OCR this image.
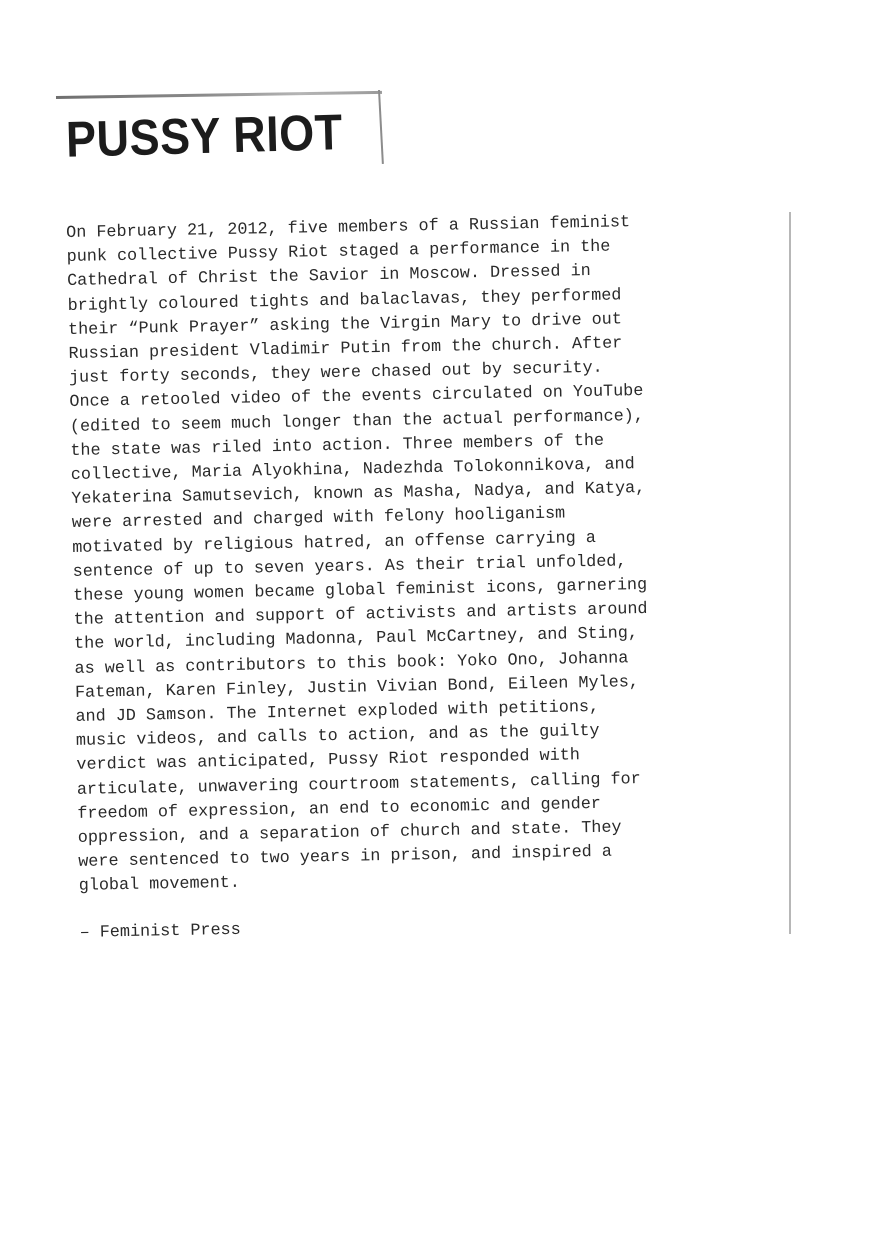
PUSSY RIOT
On February 21, 2012, five members of a Russian feminist
punk collective Pussy Riot staged a performance in the
Cathedral of Christ the Savior in Moscow. Dressed in
brightly coloured tights and balaclavas, they performed
their “Punk Prayer” asking the Virgin Mary to drive out
Russian president Vladimir Putin from the church. After
just forty seconds, they were chased out by security.
Once a retooled video of the events circulated on YouTube
(edited to seem much longer than the actual performance),
the state was riled into action. Three members of the
collective, Maria Alyokhina, Nadezhda Tolokonnikova, and
Yekaterina Samutsevich, known as Masha, Nadya, and Katya,
were arrested and charged with felony hooliganism
motivated by religious hatred, an offense carrying a
sentence of up to seven years. As their trial unfolded,
these young women became global feminist icons, garnering
the attention and support of activists and artists around
the world, including Madonna, Paul McCartney, and Sting,
as well as contributors to this book: Yoko Ono, Johanna
Fateman, Karen Finley, Justin Vivian Bond, Eileen Myles,
and JD Samson. The Internet exploded with petitions,
music videos, and calls to action, and as the guilty
verdict was anticipated, Pussy Riot responded with
articulate, unwavering courtroom statements, calling for
freedom of expression, an end to economic and gender
oppression, and a separation of church and state. They
were sentenced to two years in prison, and inspired a
global movement.
– Feminist Press
